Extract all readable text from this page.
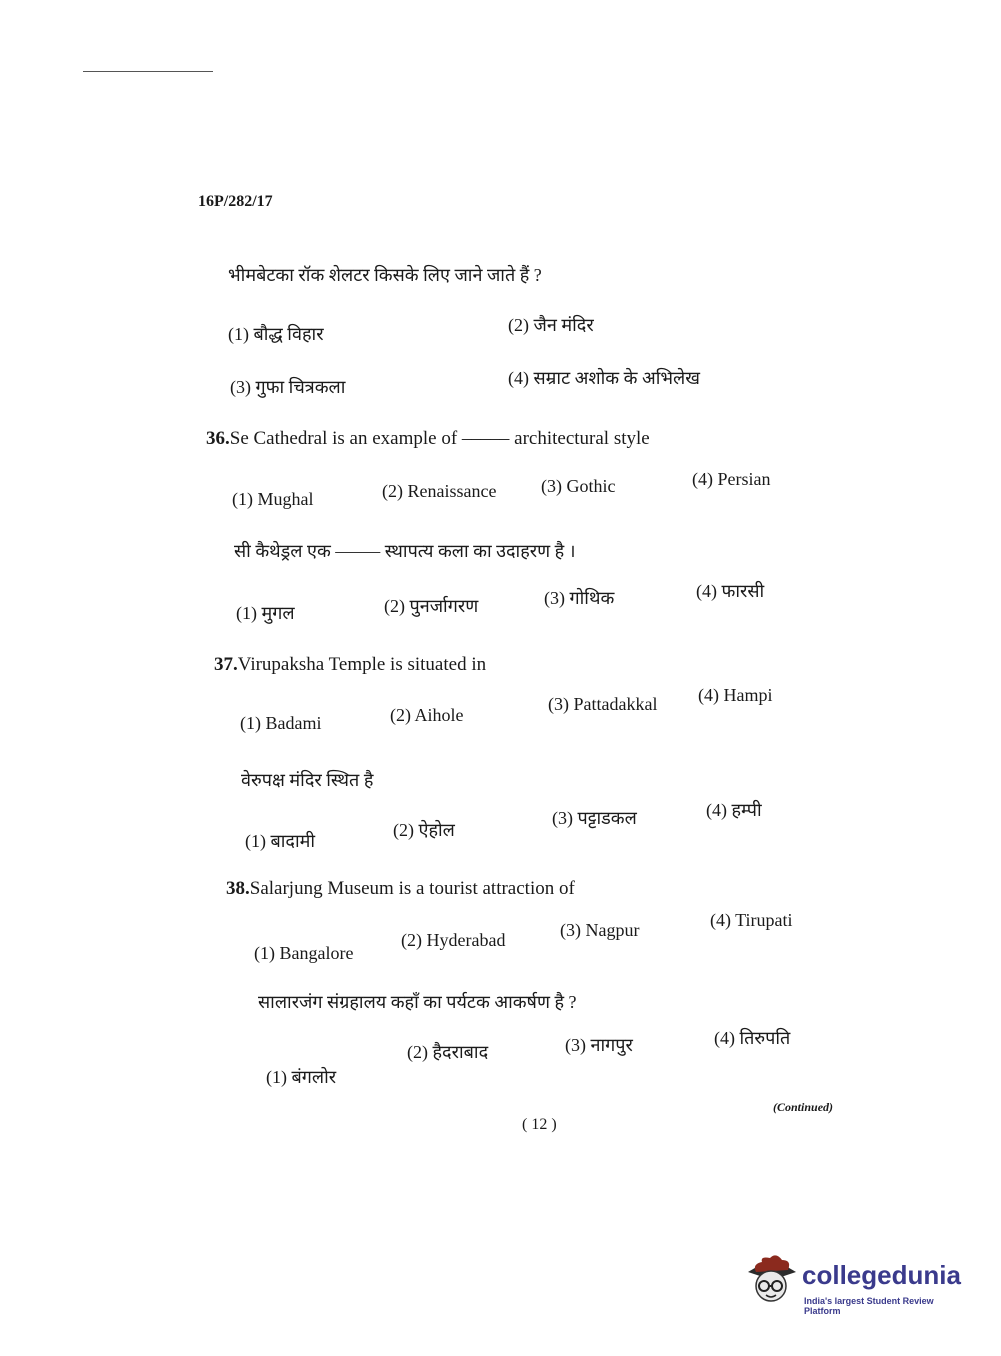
16P/282/17
भीमबेटका रॉक शेलटर किसके लिए जाने जाते हैं ?
(1) बौद्ध विहार	(2) जैन मंदिर
(3) गुफा चित्रकला	(4) सम्राट अशोक के अभिलेख
36.Se Cathedral is an example of ––––– architectural style
(1) Mughal	(2) Renaissance (3) Gothic	(4) Persian
सी कैथेड्रल एक ––––– स्थापत्य कला का उदाहरण है ।
(1) मुगल	(2) पुनर्जागरण	(3) गोथिक	(4) फारसी
37.Virupaksha Temple is situated in
(1) Badami	(2) Aihole
(3) Pattadakkal (4) Hampi
वेरुपक्ष मंदिर स्थित है
(1) बादामी
(2) ऐहोल
(3) पट्टाडकल	(4) हम्पी
38.Salarjung Museum is a tourist attraction of
(1) Bangalore
(2) Hyderabad	(3) Nagpur	(4) Tirupati
सालारजंग संग्रहालय कहाँ का पर्यटक आकर्षण है ?
(1) बंगलोर
(2) हैदराबाद	(3) नागपुर	(4) तिरुपति
(Continued)
( 12 )
collegedunia
India's largest Student Review Platform
